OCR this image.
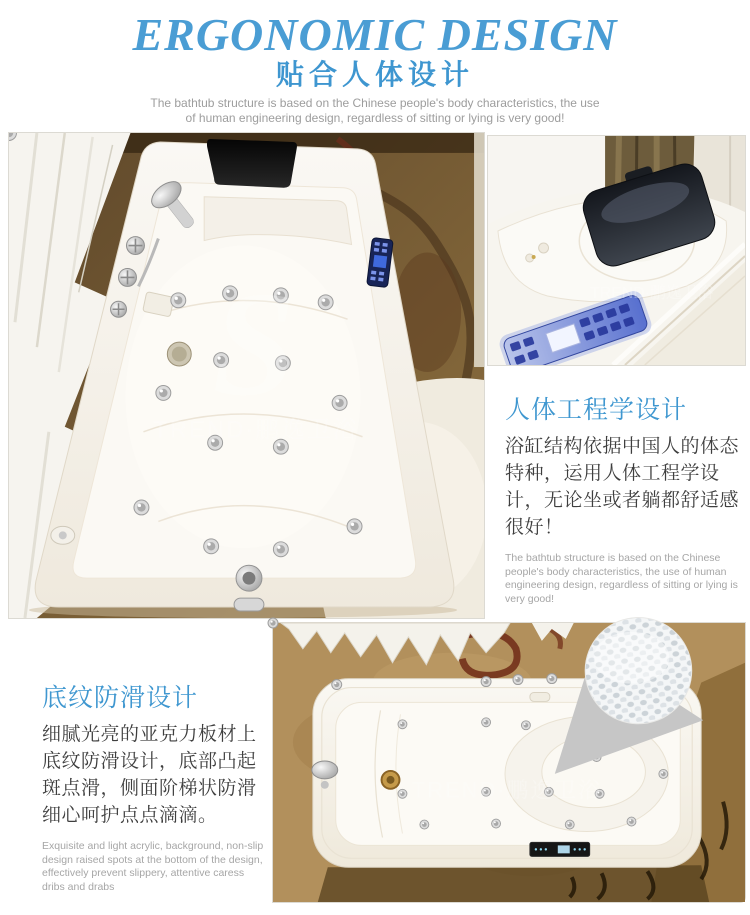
ERGONOMIC DESIGN
贴合人体设计

The bathtub structure is based on the Chinese people's body characteristics, the use

of human engineering design, regardless of sitting or lying is very good!

S
TREND·鹏逸卫浴
TREND·鹏逸卫浴
人体工程学设计

浴缸结构依据中国人的体态特种，运用人体工程学设计，无论坐或者躺都舒适感很好！

The bathtub structure is based on the Chinese people's body characteristics, the use of human engineering design, regardless of sitting or lying is very good!

底纹防滑设计

细腻光亮的亚克力板材上底纹防滑设计，底部凸起斑点滑，侧面阶梯状防滑细心呵护点点滴滴。

Exquisite and light acrylic, background, non-slip design raised spots at the bottom of the design, effectively prevent slippery, attentive caress dribs and drabs

TREND·鹏逸卫浴
